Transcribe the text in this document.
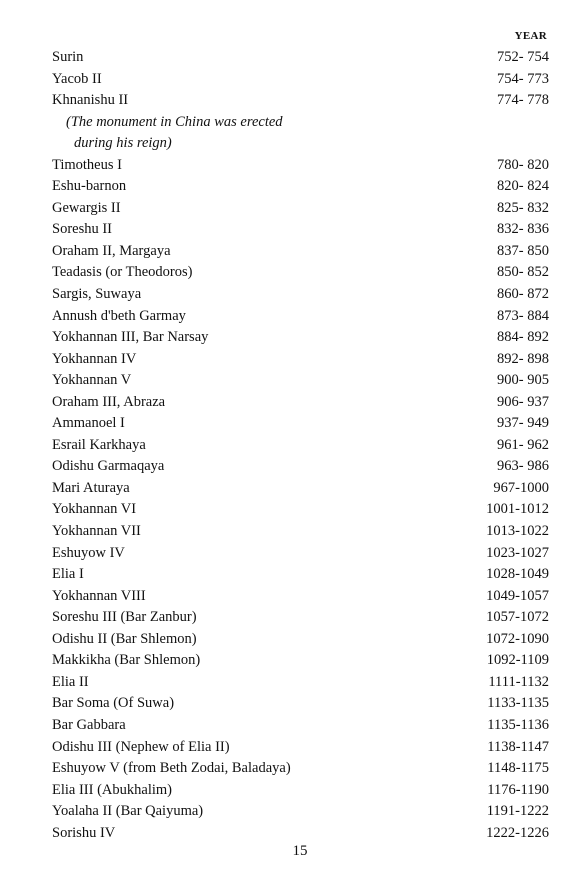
YEAR
Surin	752- 754
Yacob II	754- 773
Khnanishu II	774- 778
(The monument in China was erected
during his reign)
Timotheus I	780- 820
Eshu-barnon	820- 824
Gewargis II	825- 832
Soreshu II	832- 836
Oraham II, Margaya	837- 850
Teadasis (or Theodoros)	850- 852
Sargis, Suwaya	860- 872
Annush d'beth Garmay	873- 884
Yokhannan III, Bar Narsay	884- 892
Yokhannan IV	892- 898
Yokhannan V	900- 905
Oraham III, Abraza	906- 937
Ammanoel I	937- 949
Esrail Karkhaya	961- 962
Odishu Garmaqaya	963- 986
Mari Aturaya	967-1000
Yokhannan VI	1001-1012
Yokhannan VII	1013-1022
Eshuyow IV	1023-1027
Elia I	1028-1049
Yokhannan VIII	1049-1057
Soreshu III (Bar Zanbur)	1057-1072
Odishu II (Bar Shlemon)	1072-1090
Makkikha (Bar Shlemon)	1092-1109
Elia II	1111-1132
Bar Soma (Of Suwa)	1133-1135
Bar Gabbara	1135-1136
Odishu III (Nephew of Elia II)	1138-1147
Eshuyow V (from Beth Zodai, Baladaya)	1148-1175
Elia III (Abukhalim)	1176-1190
Yoalaha II (Bar Qaiyuma)	1191-1222
Sorishu IV	1222-1226
15
